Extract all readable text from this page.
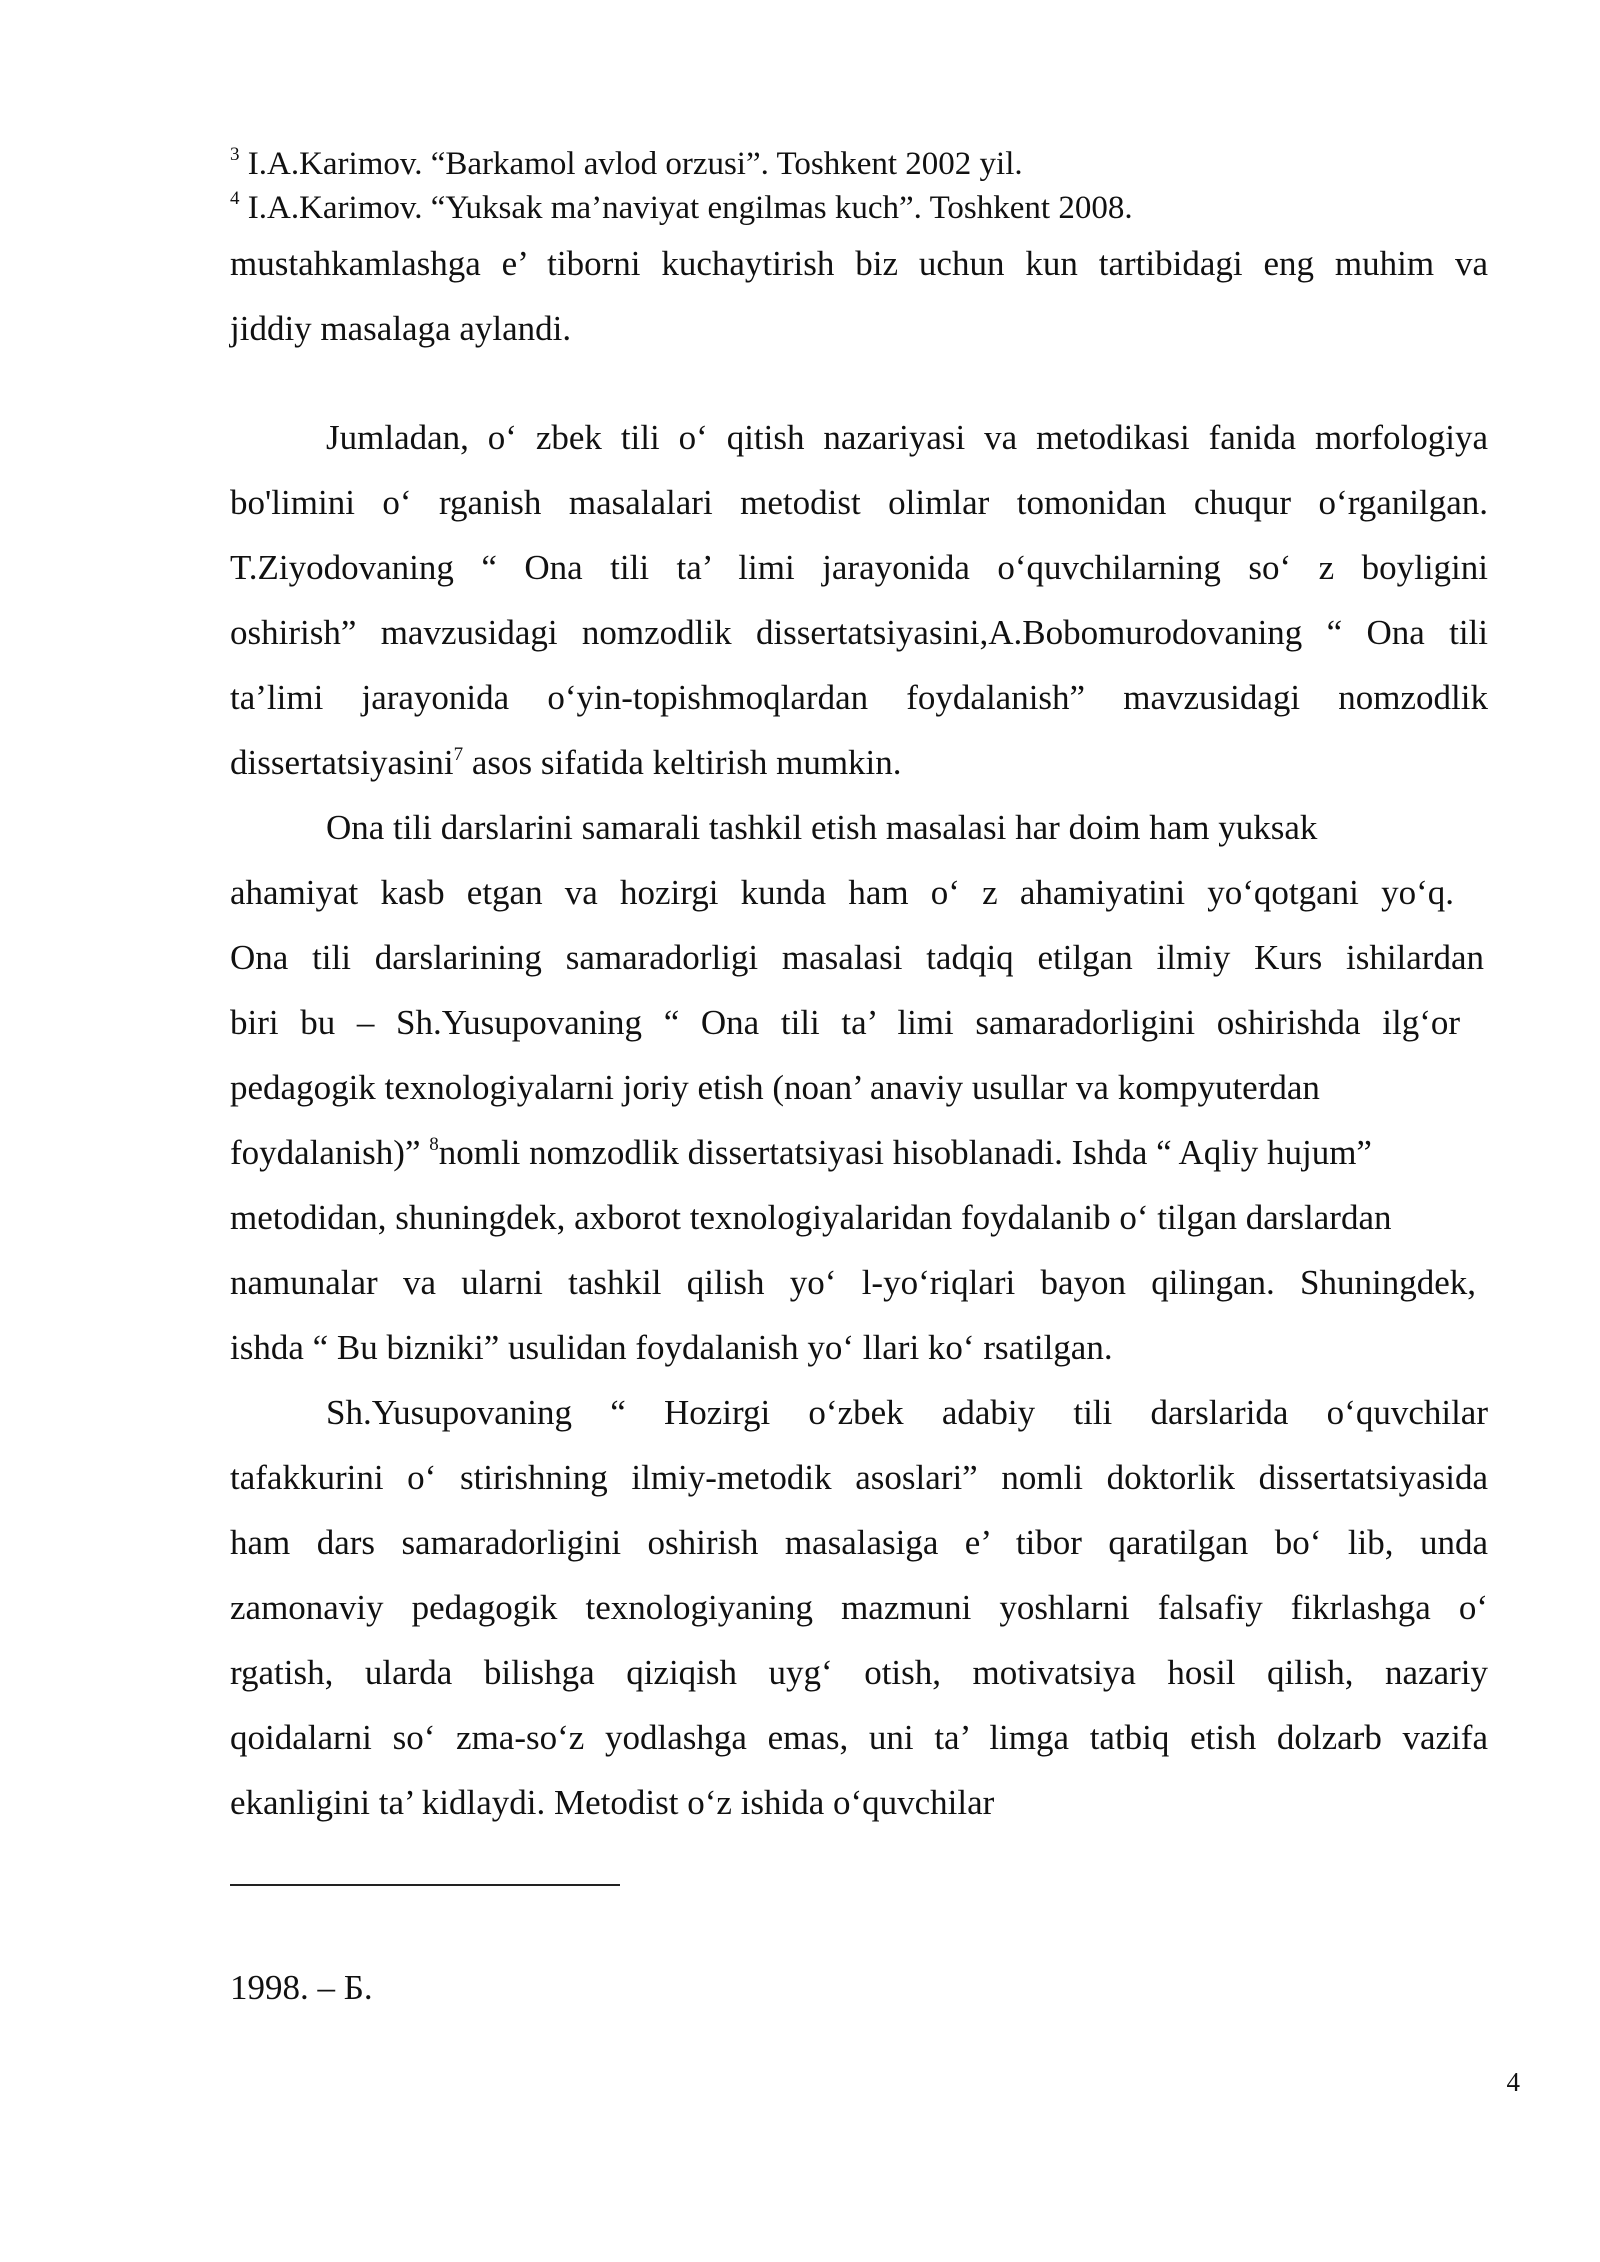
$^3$ I.A.Karimov. “Barkamol avlod orzusi”. Toshkent 2002 yil.
$^4$ I.A.Karimov. “Yuksak ma’naviyat engilmas kuch”. Toshkent 2008.
mustahkamlashga e’ tiborni kuchaytirish biz uchun kun tartibidagi eng muhim va
jiddiy masalaga aylandi.
Jumladan, o‘ zbek tili o‘ qitish nazariyasi va metodikasi fanida morfologiya
bo'limini o‘ rganish masalalari metodist olimlar tomonidan chuqur o‘rganilgan.
T.Ziyodovaning “ Ona tili ta’ limi jarayonida o‘quvchilarning so‘ z boyligini
oshirish” mavzusidagi nomzodlik dissertatsiyasini,A.Bobomurodovaning “ Ona tili
ta’limi jarayonida o‘yin-topishmoqlardan foydalanish” mavzusidagi nomzodlik
dissertatsiyasini$^7$ asos sifatida keltirish mumkin.
Ona tili darslarini samarali tashkil etish masalasi har doim ham yuksak
ahamiyat kasb etgan va hozirgi kunda ham o‘ z ahamiyatini yo‘qotgani yo‘q.
Ona tili darslarining samaradorligi masalasi tadqiq etilgan ilmiy Kurs ishilardan
biri bu – Sh.Yusupovaning “ Ona tili ta’ limi samaradorligini oshirishda ilg‘or
pedagogik texnologiyalarni joriy etish (noan’ anaviy usullar va kompyuterdan
foydalanish)” $^8$nomli nomzodlik dissertatsiyasi hisoblanadi. Ishda “ Aqliy hujum”
metodidan, shuningdek, axborot texnologiyalaridan foydalanib o‘ tilgan darslardan
namunalar va ularni tashkil qilish yo‘ l-yo‘riqlari bayon qilingan. Shuningdek,
ishda “ Bu bizniki” usulidan foydalanish yo‘ llari ko‘ rsatilgan.
Sh.Yusupovaning “ Hozirgi o‘zbek adabiy tili darslarida o‘quvchilar
tafakkurini o‘ stirishning ilmiy-metodik asoslari” nomli doktorlik dissertatsiyasida
ham dars samaradorligini oshirish masalasiga e’ tibor qaratilgan bo‘ lib, unda
zamonaviy pedagogik texnologiyaning mazmuni yoshlarni falsafiy fikrlashga o‘
rgatish, ularda bilishga qiziqish uyg‘ otish, motivatsiya hosil qilish, nazariy
qoidalarni so‘ zma-so‘z yodlashga emas, uni ta’ limga tatbiq etish dolzarb vazifa
ekanligini ta’ kidlaydi. Metodist o‘z ishida o‘quvchilar
1998. – Б.
4
